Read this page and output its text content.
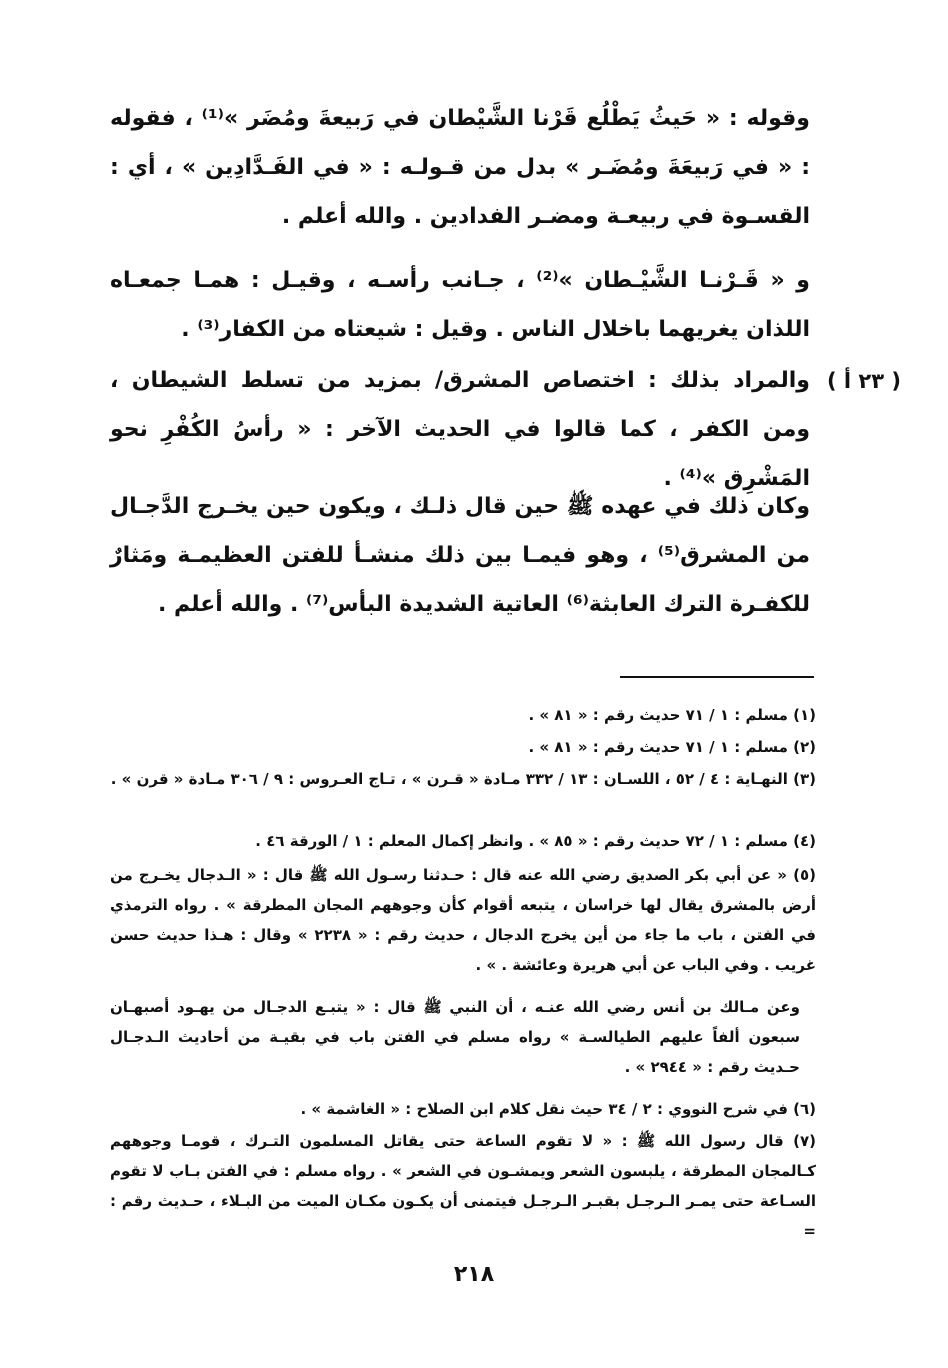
وقوله : « حَيثُ يَطْلُع قَرْنا الشَّيْطان في رَبيعةَ ومُضَر »⁽¹⁾ ، فقوله : « في رَبيعَةَ ومُضَـر » بدل من قـولـه : « في الفَـدَّادِين » ، أي : القسـوة في ربيعـة ومضـر الفدادين . والله أعلم .
و « قَـرْنـا الشَّيْـطان »⁽²⁾ ، جـانب رأسـه ، وقيـل : همـا جمعـاه اللذان يغريهما باخلال الناس . وقيل : شيعتاه من الكفار⁽³⁾ .
والمراد بذلك : اختصاص المشرق/ بمزيد من تسلط الشيطان ، ومن الكفر ، كما قالوا في الحديث الآخر : « رأسُ الكُفْرِ نحو المَشْرِق »⁽⁴⁾ .
( ٢٣ أ )
وكان ذلك في عهده ﷺ حين قال ذلـك ، ويكون حين يخـرج الدَّجـال من المشرق⁽⁵⁾ ، وهو فيمـا بين ذلك منشـأ للفتن العظيمـة ومَثارٌ للكفـرة الترك العابثة⁽⁶⁾ العاتية الشديدة البأس⁽⁷⁾ . والله أعلم .
(١) مسلم : ١ / ٧١ حديث رقم : « ٨١ » .
(٢) مسلم : ١ / ٧١ حديث رقم : « ٨١ » .
(٣) النهـاية : ٤ / ٥٢ ، اللسـان : ١٣ / ٣٣٢ مـادة « قـرن » ، تـاج العـروس : ٩ / ٣٠٦ مـادة « قرن » .
(٤) مسلم : ١ / ٧٢ حديث رقم : « ٨٥ » . وانظر إكمال المعلم : ١ / الورقة ٤٦ .
(٥) « عن أبي بكر الصديق رضي الله عنه قال : حـدثنا رسـول الله ﷺ قال : « الـدجال يخـرج من أرض بالمشرق يقال لها خراسان ، يتبعه أقوام كأن وجوههم المجان المطرقة » . رواه الترمذي في الفتن ، باب ما جاء من أين يخرج الدجال ، حديث رقم : « ٢٢٣٨ » وقال : هـذا حديث حسن غريب . وفي الباب عن أبي هريرة وعائشة . » .
وعن مـالك بن أنس رضي الله عنـه ، أن النبي ﷺ قال : « يتبـع الدجـال من يهـود أصبهـان سبعون ألفاً عليهم الطيالسـة » رواه مسلم في الفتن باب في بقيـة من أحاديث الـدجـال حـديث رقم : « ٢٩٤٤ » .
(٦) في شرح النووي : ٢ / ٣٤ حيث نقل كلام ابن الصلاح : « الغاشمة » .
(٧) قال رسول الله ﷺ : « لا تقوم الساعة حتى يقاتل المسلمون التـرك ، قومـا وجوههم كـالمجان المطرقة ، يلبسون الشعر ويمشـون في الشعر » . رواه مسلم : في الفتن بـاب لا تقوم السـاعة حتى يمـر الـرجـل بقبـر الـرجـل فيتمنى أن يكـون مكـان الميت من البـلاء ، حـديث رقم : =
٢١٨
